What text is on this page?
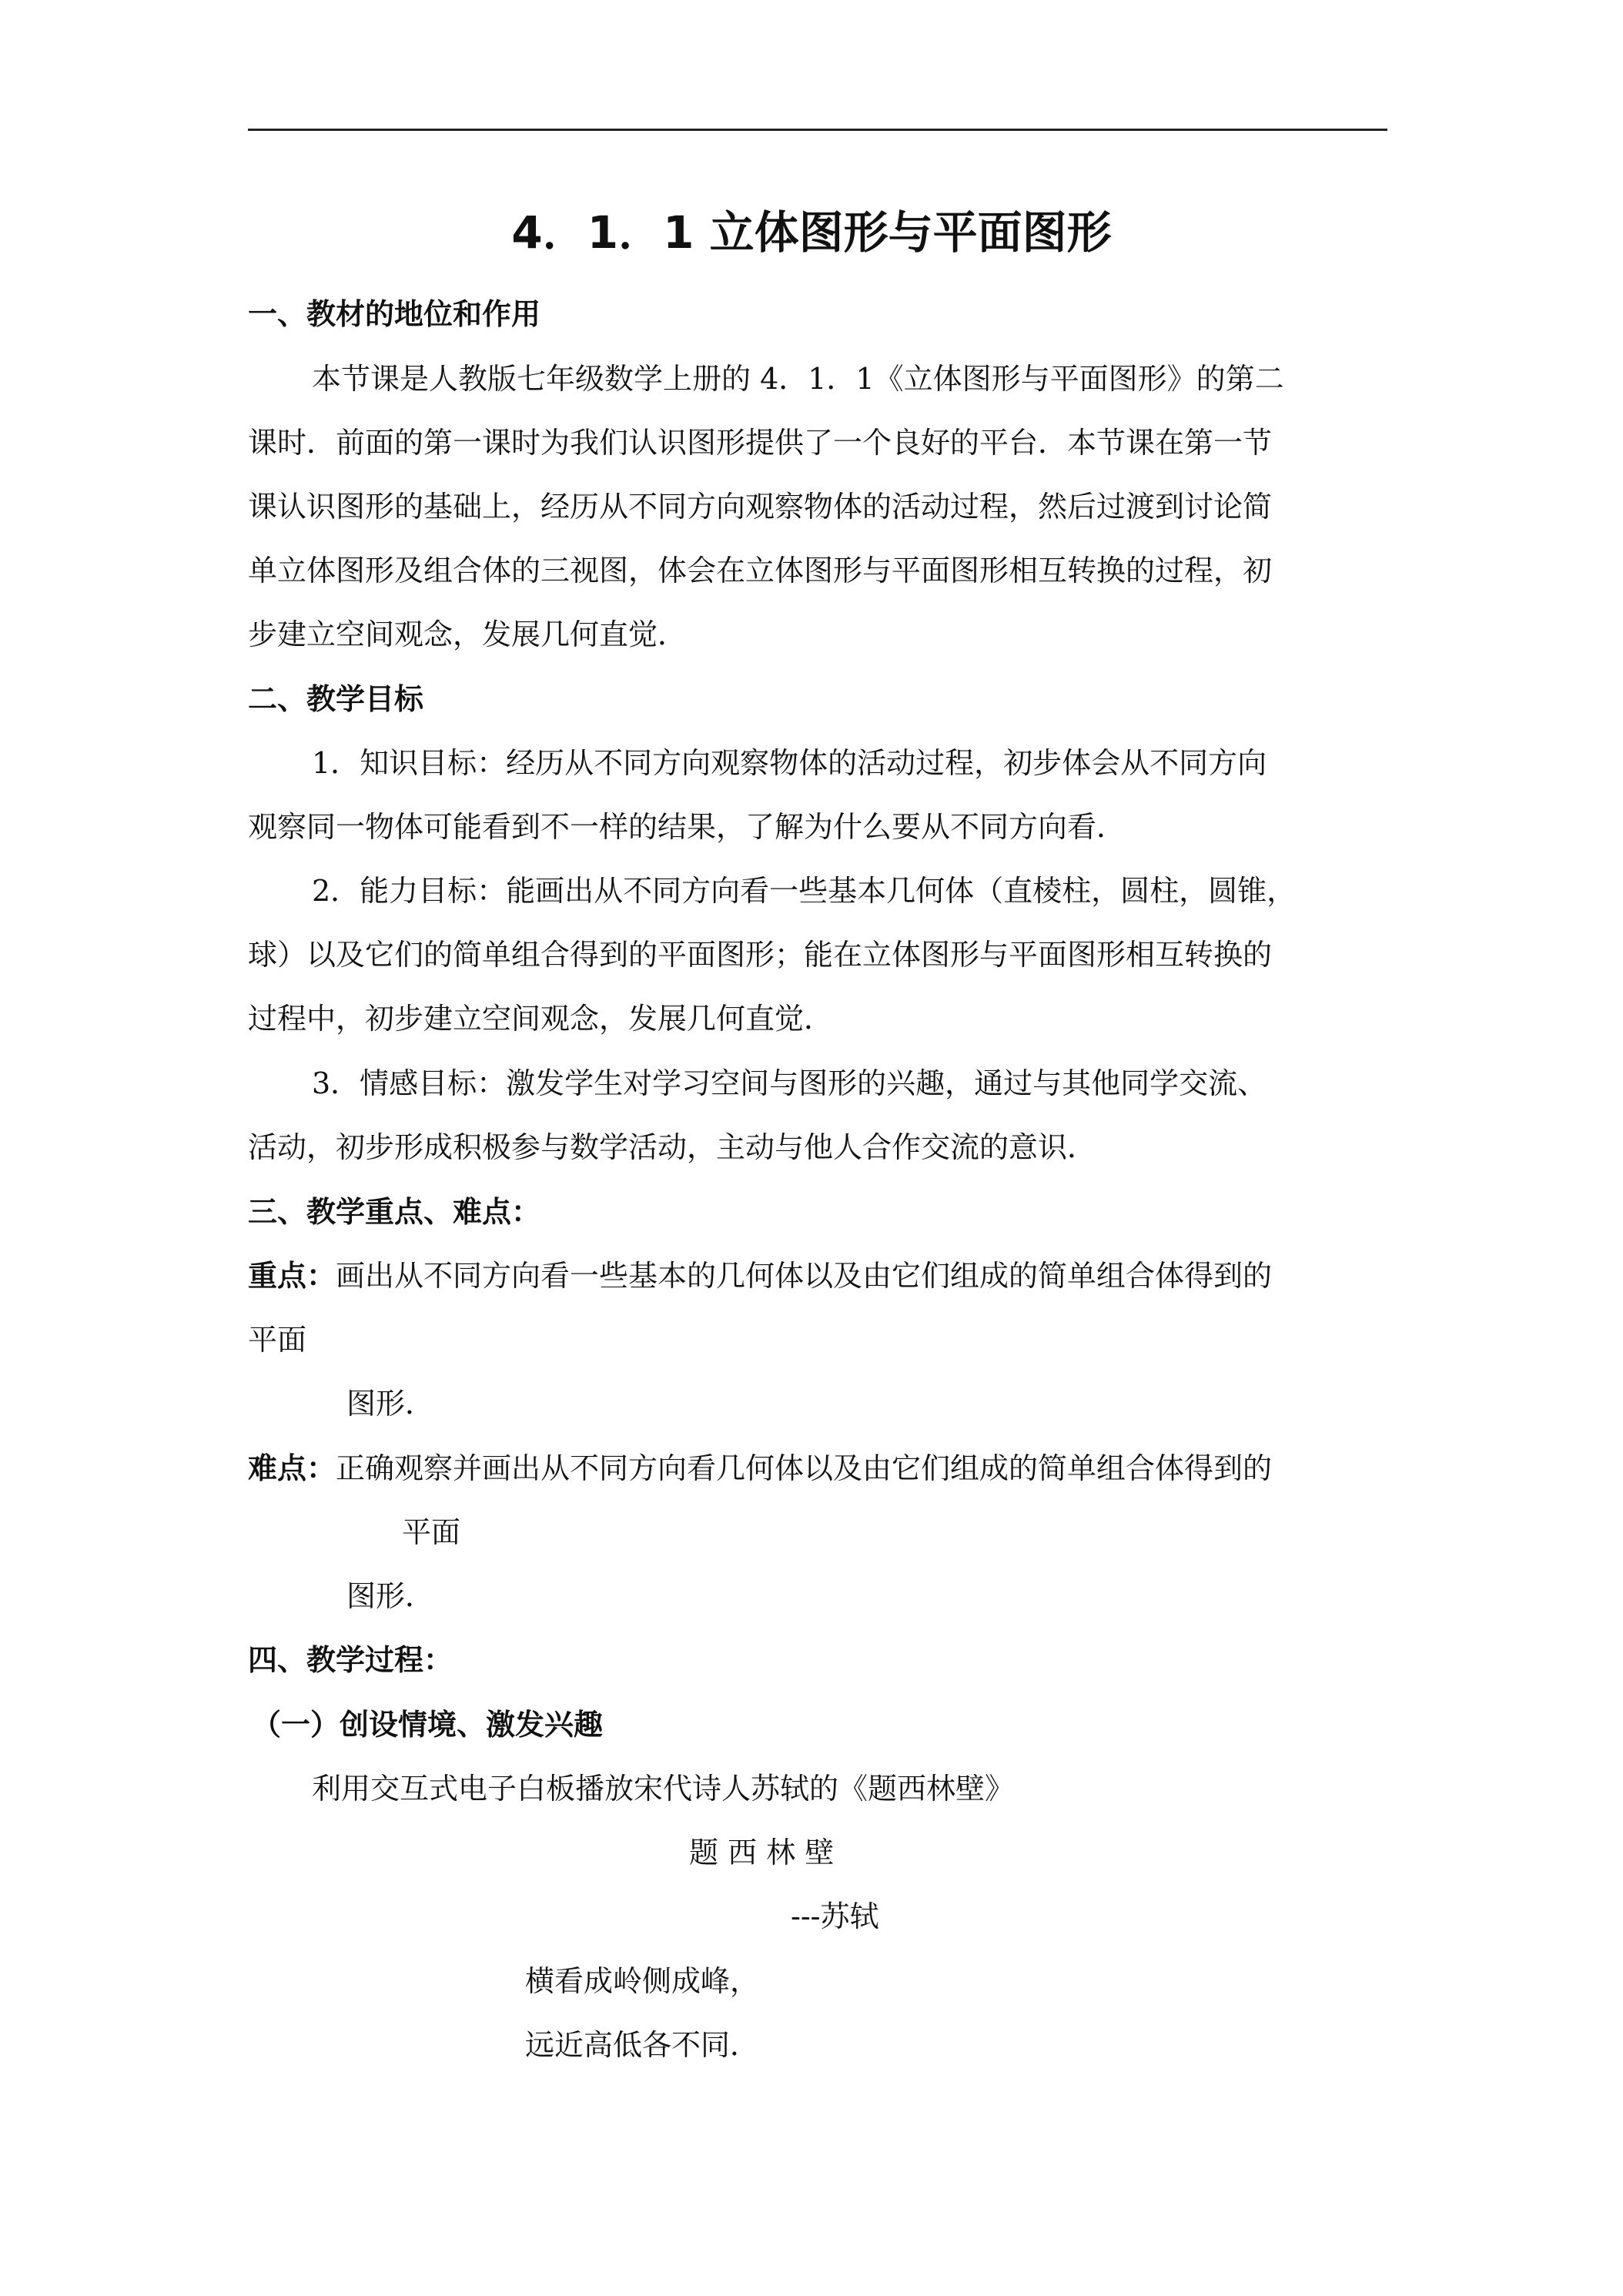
4．1．1 立体图形与平面图形
一、教材的地位和作用
本节课是人教版七年级数学上册的 4．1．1《立体图形与平面图形》的第二
课时．前面的第一课时为我们认识图形提供了一个良好的平台．本节课在第一节
课认识图形的基础上，经历从不同方向观察物体的活动过程，然后过渡到讨论简
单立体图形及组合体的三视图，体会在立体图形与平面图形相互转换的过程，初
步建立空间观念，发展几何直觉．
二、教学目标
1．知识目标：经历从不同方向观察物体的活动过程，初步体会从不同方向
观察同一物体可能看到不一样的结果，了解为什么要从不同方向看．
2．能力目标：能画出从不同方向看一些基本几何体（直棱柱，圆柱，圆锥，
球）以及它们的简单组合得到的平面图形；能在立体图形与平面图形相互转换的
过程中，初步建立空间观念，发展几何直觉．
3．情感目标：激发学生对学习空间与图形的兴趣，通过与其他同学交流、
活动，初步形成积极参与数学活动，主动与他人合作交流的意识．
三、教学重点、难点：
重点：画出从不同方向看一些基本的几何体以及由它们组成的简单组合体得到的
平面
图形．
难点：正确观察并画出从不同方向看几何体以及由它们组成的简单组合体得到的
平面
图形．
四、教学过程：
（一）创设情境、激发兴趣
利用交互式电子白板播放宋代诗人苏轼的《题西林壁》
题 西 林 壁
---苏轼
横看成岭侧成峰，
远近高低各不同．
